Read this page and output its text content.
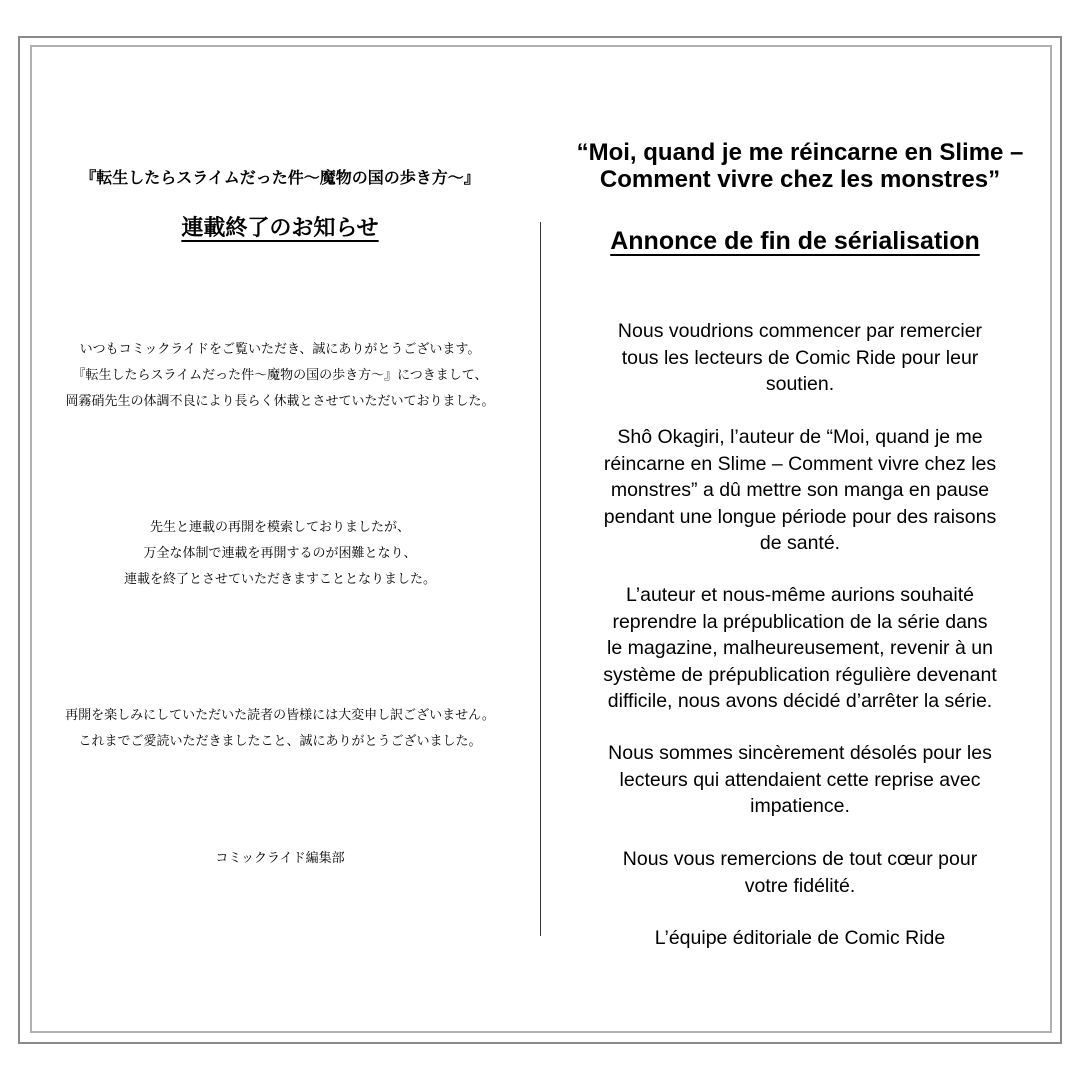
『転生したらスライムだった件～魔物の国の歩き方～』

連載終了のお知らせ
いつもコミックライドをご覧いただき、誠にありがとうございます。
『転生したらスライムだった件～魔物の国の歩き方～』につきまして、
岡霧硝先生の体調不良により長らく休載とさせていただいておりました。
先生と連載の再開を模索しておりましたが、
万全な体制で連載を再開するのが困難となり、
連載を終了とさせていただきますこととなりました。
再開を楽しみにしていただいた読者の皆様には大変申し訳ございません。
これまでご愛読いただきましたこと、誠にありがとうございました。

コミックライド編集部

“Moi, quand je me réincarne en Slime –
Comment vivre chez les monstres”
Annonce de fin de sérialisation
Nous voudrions commencer par remercier
tous les lecteurs de Comic Ride pour leur
soutien.
Shô Okagiri, l’auteur de “Moi, quand je me
réincarne en Slime – Comment vivre chez les
monstres” a dû mettre son manga en pause
pendant une longue période pour des raisons
de santé.
L’auteur et nous-même aurions souhaité
reprendre la prépublication de la série dans
le magazine, malheureusement, revenir à un
système de prépublication régulière devenant
difficile, nous avons décidé d’arrêter la série.
Nous sommes sincèrement désolés pour les
lecteurs qui attendaient cette reprise avec
impatience.
Nous vous remercions de tout cœur pour
votre fidélité.

L’équipe éditoriale de Comic Ride
